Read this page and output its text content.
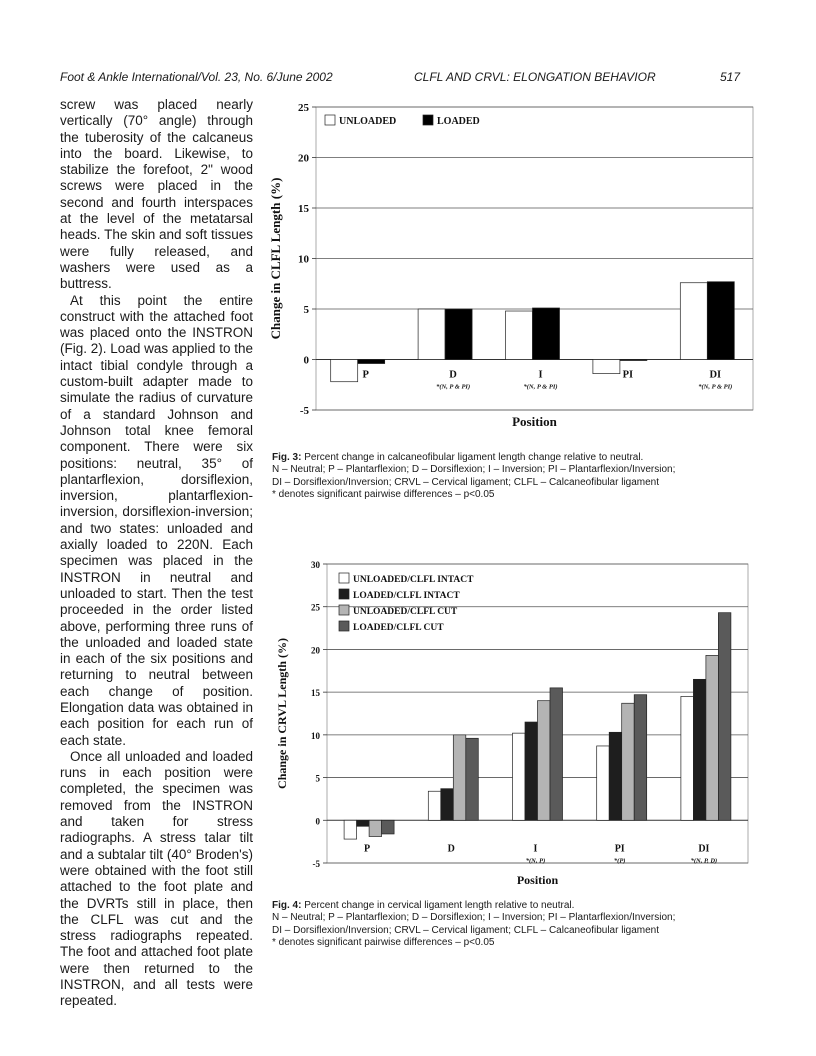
Foot & Ankle International/Vol. 23, No. 6/June 2002	CLFL AND CRVL: ELONGATION BEHAVIOR	517

screw was placed nearly vertically (70° angle) through the tuberosity of the calcaneus into the board. Likewise, to stabilize the forefoot, 2" wood screws were placed in the second and fourth interspaces at the level of the metatarsal heads. The skin and soft tissues were fully released, and washers were used as a buttress.

At this point the entire construct with the attached foot was placed onto the INSTRON (Fig. 2). Load was applied to the intact tibial condyle through a custom-built adapter made to simulate the radius of curvature of a standard Johnson and Johnson total knee femoral component. There were six positions: neutral, 35° of plantarflexion, dorsiflexion, inversion, plantarflexion-inversion, dorsiflexion-inversion; and two states: unloaded and axially loaded to 220N. Each specimen was placed in the INSTRON in neutral and unloaded to start. Then the test proceeded in the order listed above, performing three runs of the unloaded and loaded state in each of the six positions and returning to neutral between each change of position. Elongation data was obtained in each position for each run of each state.

Once all unloaded and loaded runs in each position were completed, the specimen was removed from the INSTRON and taken for stress radiographs. A stress talar tilt and a subtalar tilt (40° Broden's) were obtained with the foot still attached to the foot plate and the DVRTs still in place, then the CLFL was cut and the stress radiographs repeated. The foot and attached foot plate were then returned to the INSTRON, and all tests were repeated.

-5
0
5
10
15
20
25
P	D
*(N, P & PI)
I
*(N, P & PI)
PI	DI
*(N, P & PI)
Position
Change in CLFL Length (%)
UNLOADED	LOADED
Fig. 3: Percent change in calcaneofibular ligament length change relative to neutral.
N – Neutral; P – Plantarflexion; D – Dorsiflexion; I – Inversion; PI – Plantarflexion/Inversion;
DI – Dorsiflexion/Inversion; CRVL – Cervical ligament; CLFL – Calcaneofibular ligament
* denotes significant pairwise differences – p<0.05
-5
0
5
10
15
20
25
30
P	D	I
*(N, P)
PI
*(P)
DI
*(N, P, D)
Position
Change in CRVL Length (%)
UNLOADED/CLFL INTACT
LOADED/CLFL INTACT
UNLOADED/CLFL CUT
LOADED/CLFL CUT
Fig. 4: Percent change in cervical ligament length relative to neutral.
N – Neutral; P – Plantarflexion; D – Dorsiflexion; I – Inversion; PI – Plantarflexion/Inversion;
DI – Dorsiflexion/Inversion; CRVL – Cervical ligament; CLFL – Calcaneofibular ligament
* denotes significant pairwise differences – p<0.05
